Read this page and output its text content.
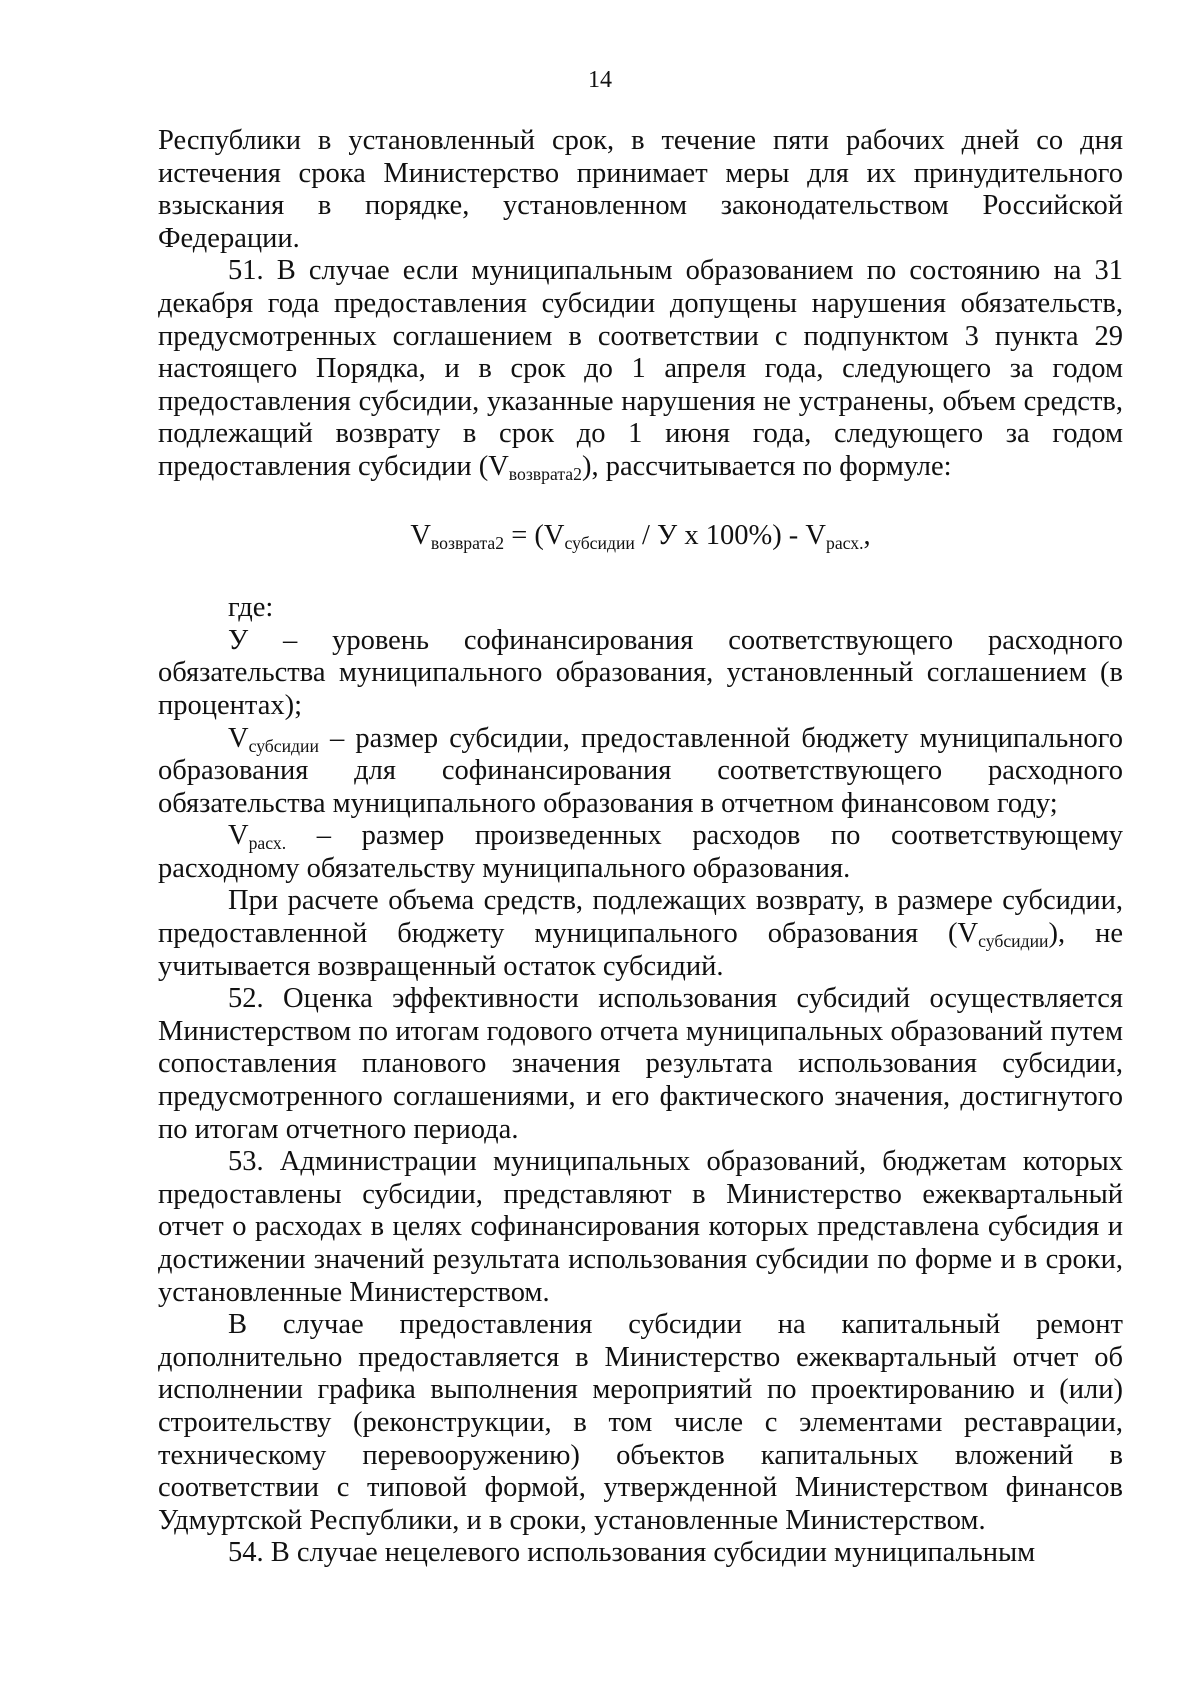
14

Республики в установленный срок, в течение пяти рабочих дней со дня истечения срока Министерство принимает меры для их принудительного взыскания в порядке, установленном законодательством Российской Федерации.

51. В случае если муниципальным образованием по состоянию на 31 декабря года предоставления субсидии допущены нарушения обязательств, предусмотренных соглашением в соответствии с подпунктом 3 пункта 29 настоящего Порядка, и в срок до 1 апреля года, следующего за годом предоставления субсидии, указанные нарушения не устранены, объем средств, подлежащий возврату в срок до 1 июня года, следующего за годом предоставления субсидии $(V_{возврата2})$, рассчитывается по формуле:

$V_{возврата2} = (V_{субсидии} / У$ x $100\%) - V_{расх.}$,

где:

У – уровень софинансирования соответствующего расходного обязательства муниципального образования, установленный соглашением (в процентах);

$V_{субсидии}$ – размер субсидии, предоставленной бюджету муниципального образования для софинансирования соответствующего расходного обязательства муниципального образования в отчетном финансовом году;

$V_{расх.}$ – размер произведенных расходов по соответствующему расходному обязательству муниципального образования.

При расчете объема средств, подлежащих возврату, в размере субсидии, предоставленной бюджету муниципального образования $(V_{субсидии})$, не учитывается возвращенный остаток субсидий.

52. Оценка эффективности использования субсидий осуществляется Министерством по итогам годового отчета муниципальных образований путем сопоставления планового значения результата использования субсидии, предусмотренного соглашениями, и его фактического значения, достигнутого по итогам отчетного периода.

53. Администрации муниципальных образований, бюджетам которых предоставлены субсидии, представляют в Министерство ежеквартальный отчет о расходах в целях софинансирования которых представлена субсидия и достижении значений результата использования субсидии по форме и в сроки, установленные Министерством.

В случае предоставления субсидии на капитальный ремонт дополнительно предоставляется в Министерство ежеквартальный отчет об исполнении графика выполнения мероприятий по проектированию и (или) строительству (реконструкции, в том числе с элементами реставрации, техническому перевооружению) объектов капитальных вложений в соответствии с типовой формой, утвержденной Министерством финансов Удмуртской Республики, и в сроки, установленные Министерством.

54. В случае нецелевого использования субсидии муниципальным
